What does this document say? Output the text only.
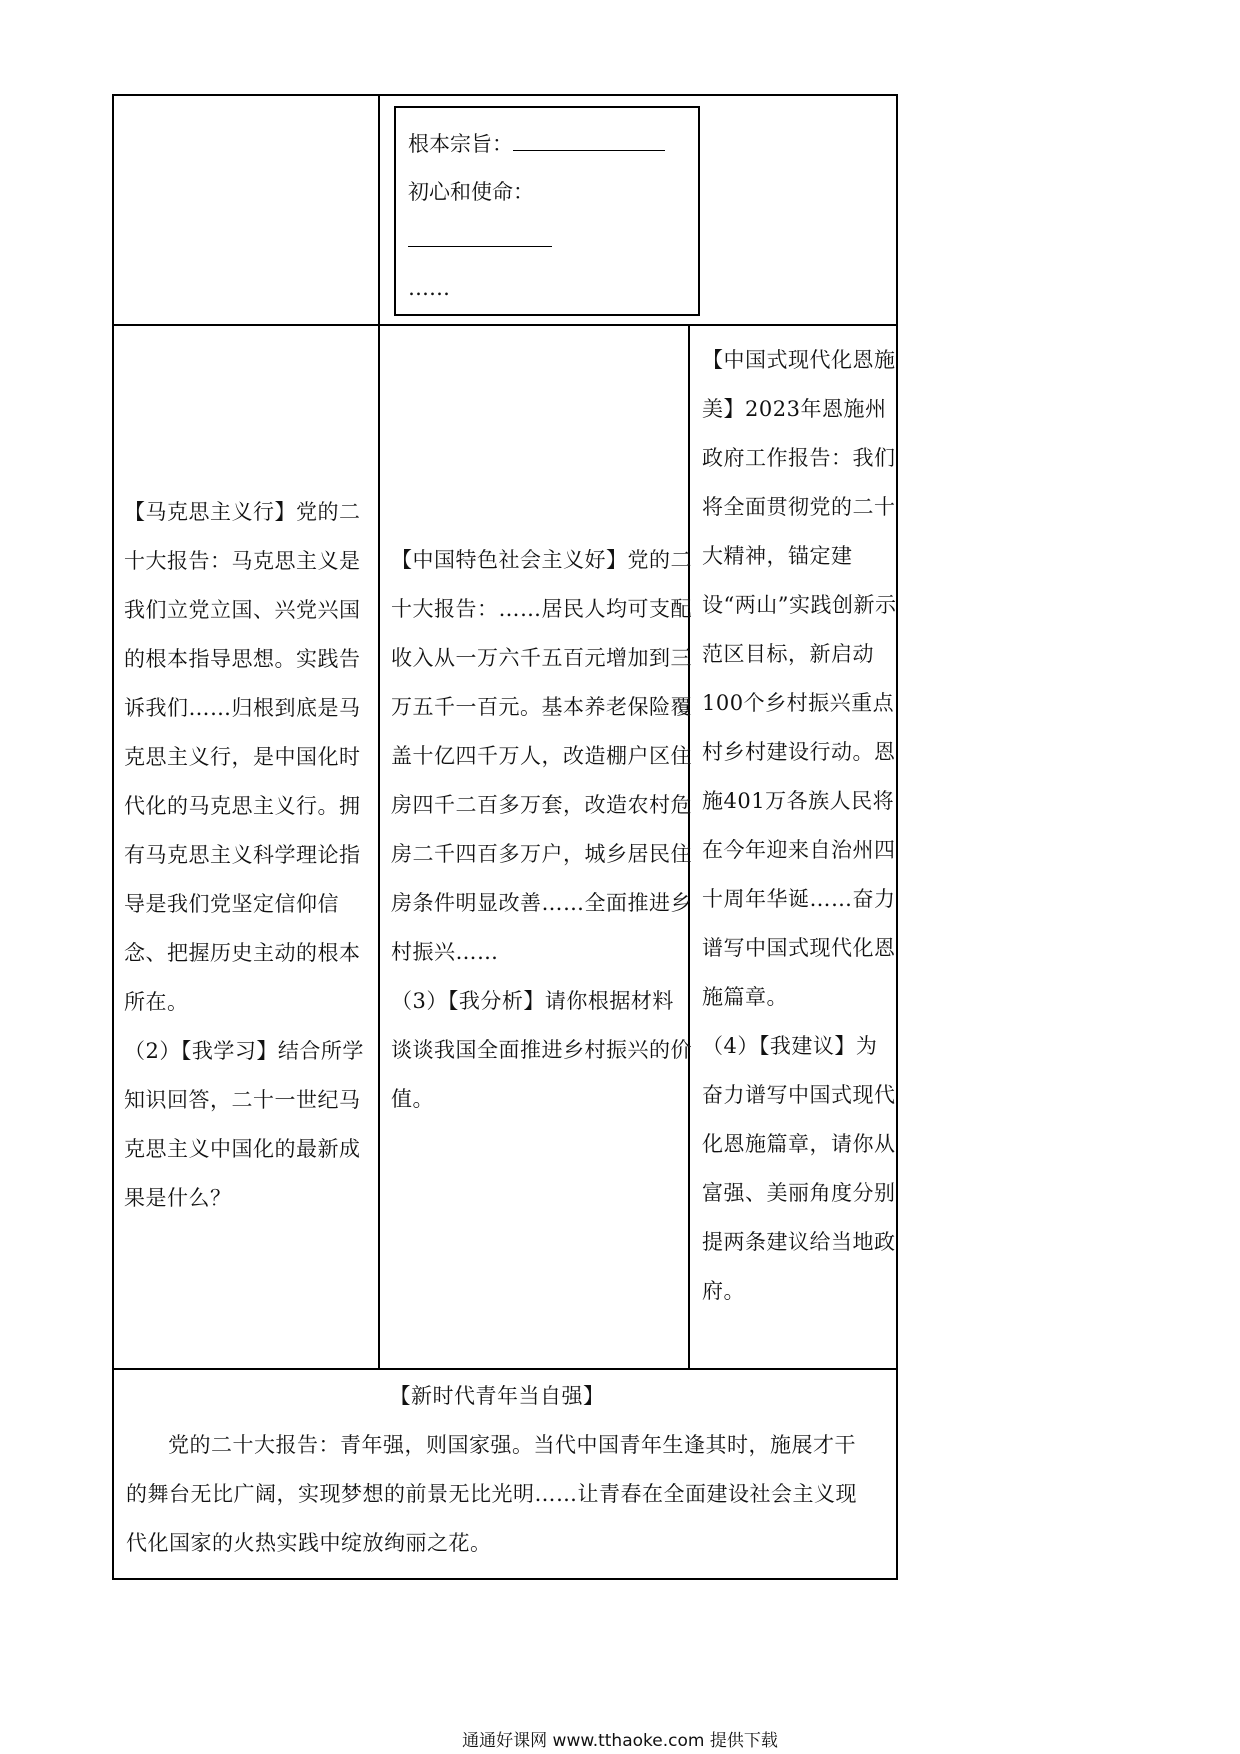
根本宗旨：
初心和使命：
……
【马克思主义行】党的二十大报告：马克思主义是我们立党立国、兴党兴国的根本指导思想。实践告诉我们……归根到底是马克思主义行，是中国化时代化的马克思主义行。拥有马克思主义科学理论指导是我们党坚定信仰信念、把握历史主动的根本所在。
（2）【我学习】结合所学知识回答，二十一世纪马克思主义中国化的最新成果是什么？
【中国特色社会主义好】党的二十大报告：……居民人均可支配收入从一万六千五百元增加到三万五千一百元。基本养老保险覆盖十亿四千万人，改造棚户区住房四千二百多万套，改造农村危房二千四百多万户，城乡居民住房条件明显改善……全面推进乡村振兴……
（3）【我分析】请你根据材料谈谈我国全面推进乡村振兴的价值。
【中国式现代化恩施美】2023年恩施州政府工作报告：我们将全面贯彻党的二十大精神，锚定建设“两山”实践创新示范区目标，新启动100个乡村振兴重点村乡村建设行动。恩施401万各族人民将在今年迎来自治州四十周年华诞……奋力谱写中国式现代化恩施篇章。
（4）【我建议】为奋力谱写中国式现代化恩施篇章，请你从富强、美丽角度分别提两条建议给当地政府。
【新时代青年当自强】
党的二十大报告：青年强，则国家强。当代中国青年生逢其时，施展才干的舞台无比广阔，实现梦想的前景无比光明……让青春在全面建设社会主义现代化国家的火热实践中绽放绚丽之花。
通通好课网 www.tthaoke.com 提供下载
